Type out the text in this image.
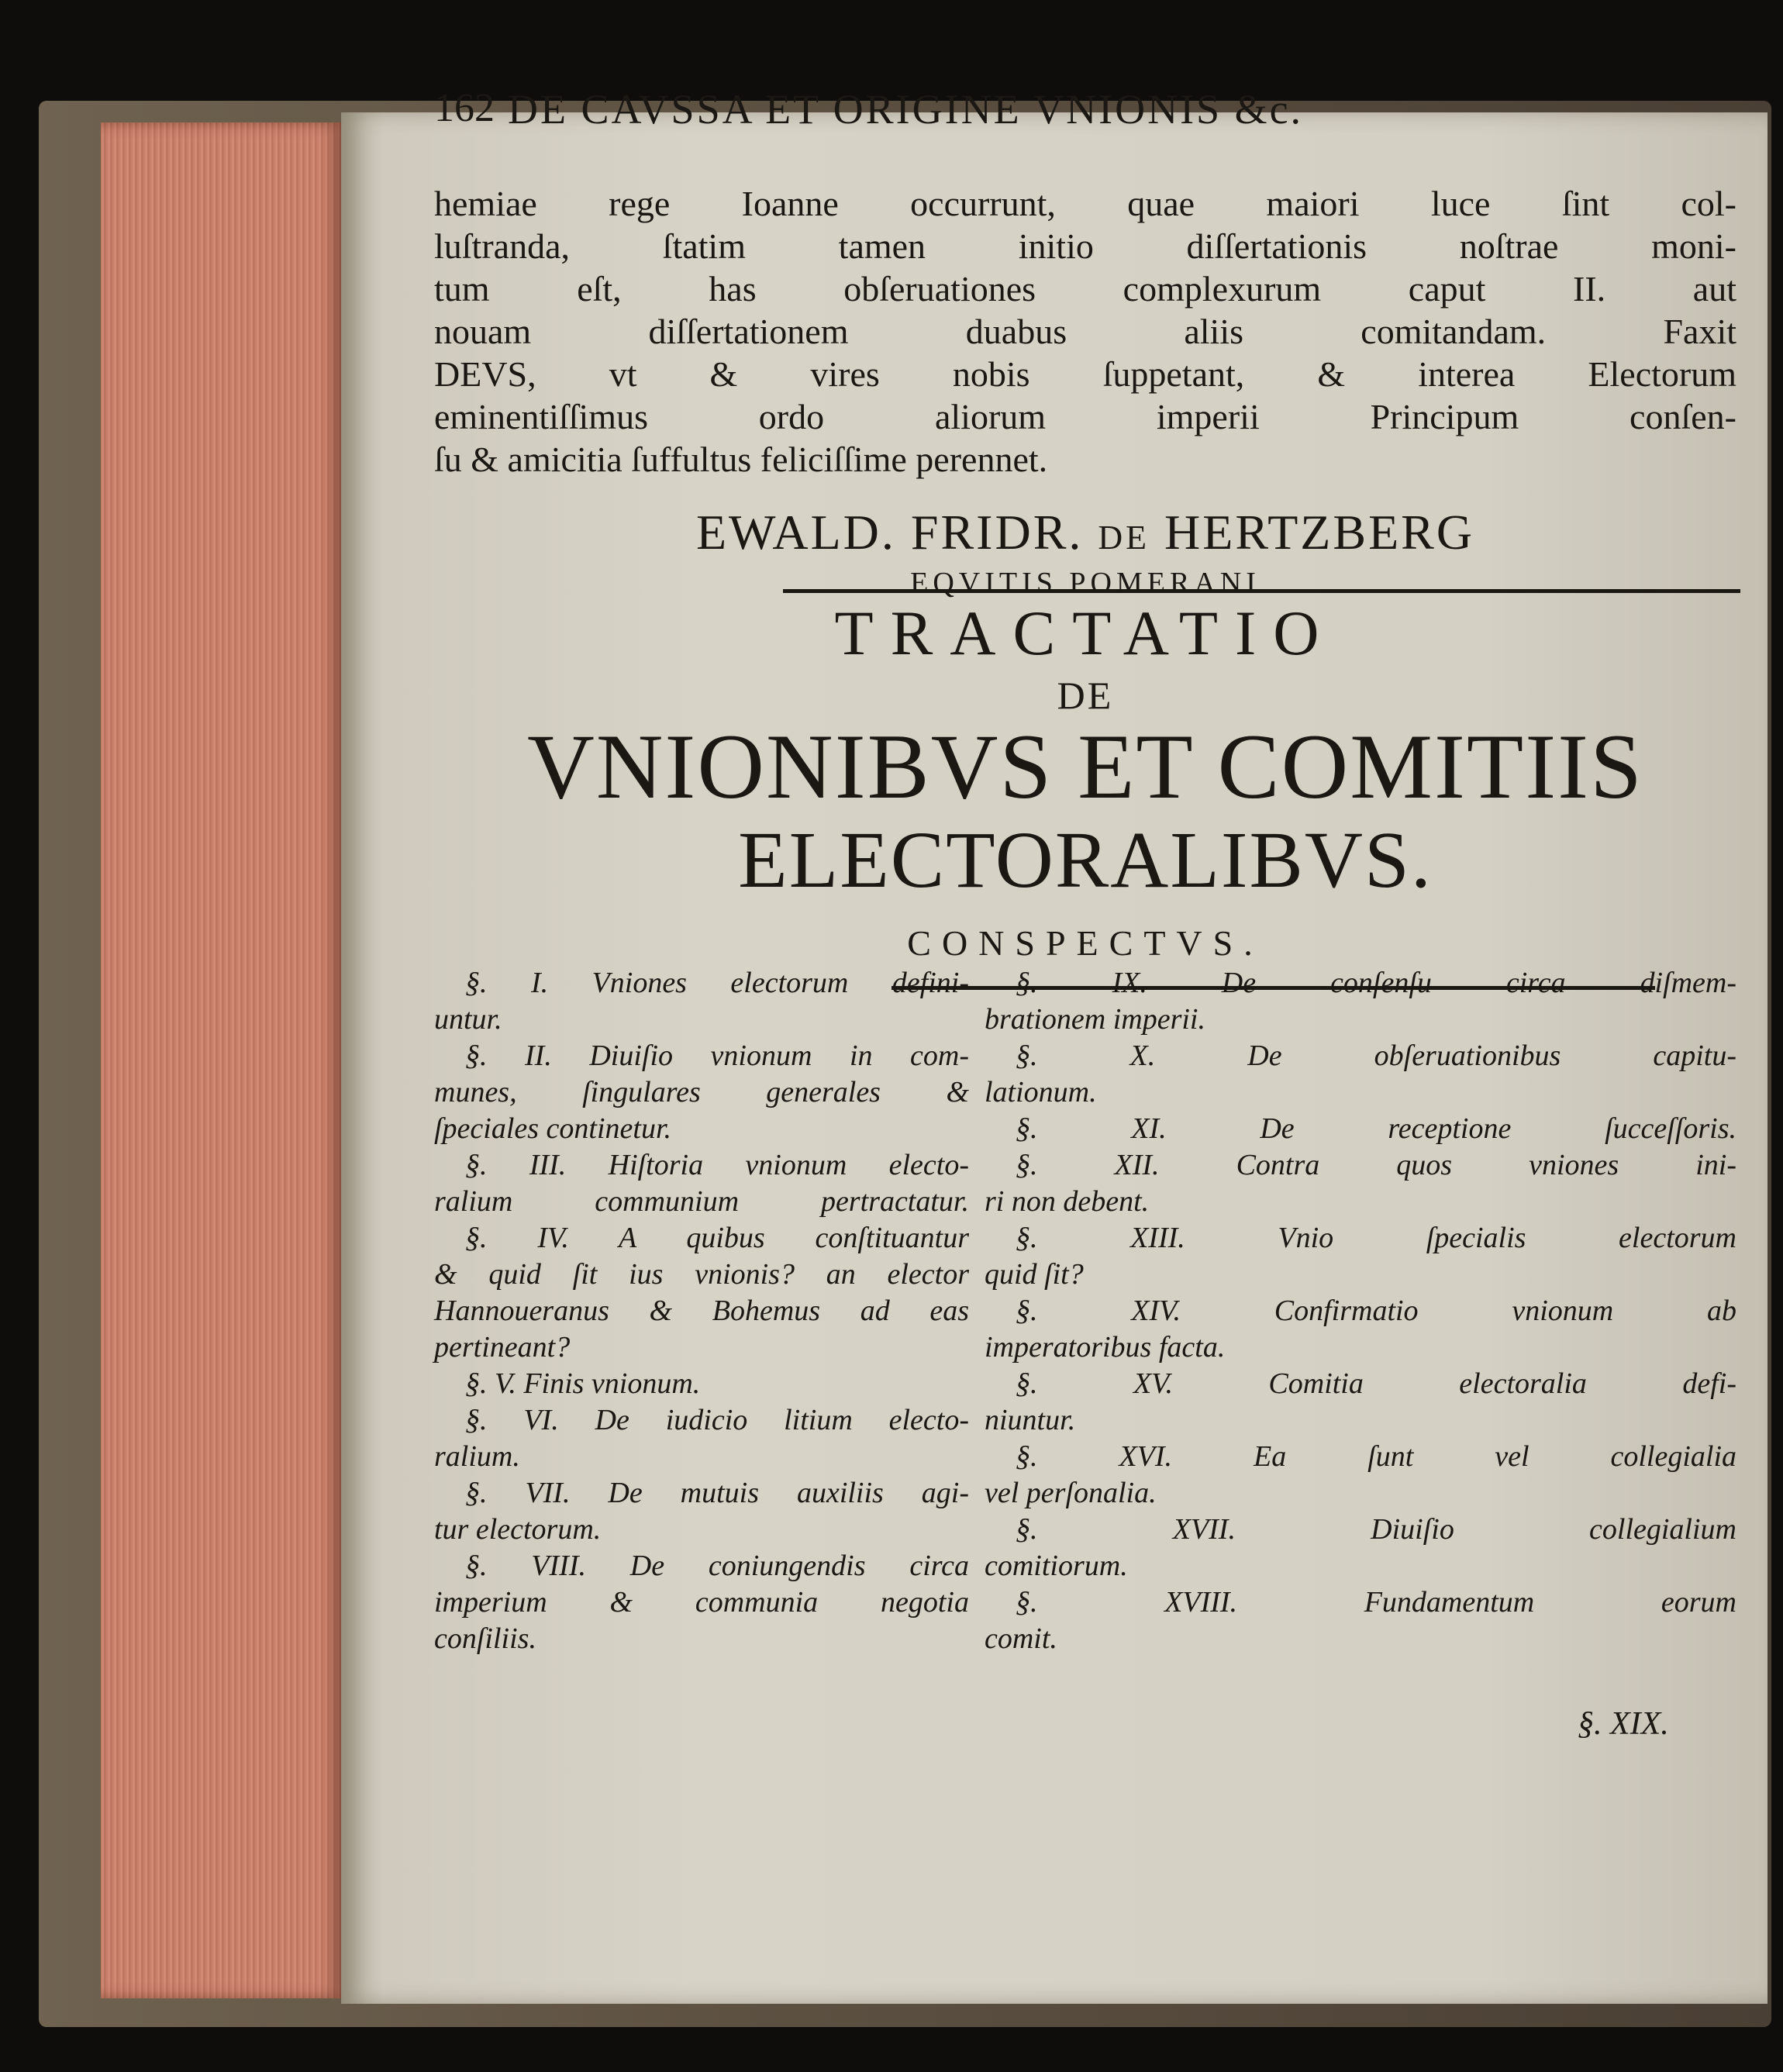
162 DE CAVSSA ET ORIGINE VNIONIS &c.
hemiae rege Ioanne occurrunt, quae maiori luce ſint col-
luſtranda, ſtatim tamen initio diſſertationis noſtrae moni-
tum eſt, has obſeruationes complexurum caput II. aut
nouam diſſertationem duabus aliis comitandam. Faxit
DEVS, vt & vires nobis ſuppetant, & interea Electorum
eminentiſſimus ordo aliorum imperii Principum conſen-
ſu & amicitia ſuffultus feliciſſime perennet.
EWALD. FRIDR. DE HERTZBERG
EQVITIS POMERANI
TRACTATIO
DE
VNIONIBVS ET COMITIIS
ELECTORALIBVS.
CONSPECTVS.
§. I. Vniones electorum defini-
untur.
§. II. Diuiſio vnionum in com-
munes, ſingulares generales &
ſpeciales continetur.
§. III. Hiſtoria vnionum electo-
ralium communium pertractatur.
§. IV. A quibus conſtituantur
& quid ſit ius vnionis? an elector
Hannoueranus & Bohemus ad eas
pertineant?
§. V. Finis vnionum.
§. VI. De iudicio litium electo-
ralium.
§. VII. De mutuis auxiliis agi-
tur electorum.
§. VIII. De coniungendis circa
imperium & communia negotia
conſiliis.
§. IX. De conſenſu circa diſmem-
brationem imperii.
§. X. De obſeruationibus capitu-
lationum.
§. XI. De receptione ſucceſſoris.
§. XII. Contra quos vniones ini-
ri non debent.
§. XIII. Vnio ſpecialis electorum
quid ſit?
§. XIV. Confirmatio vnionum ab
imperatoribus facta.
§. XV. Comitia electoralia defi-
niuntur.
§. XVI. Ea ſunt vel collegialia
vel perſonalia.
§. XVII. Diuiſio collegialium
comitiorum.
§. XVIII. Fundamentum eorum
comit.
§. XIX.
